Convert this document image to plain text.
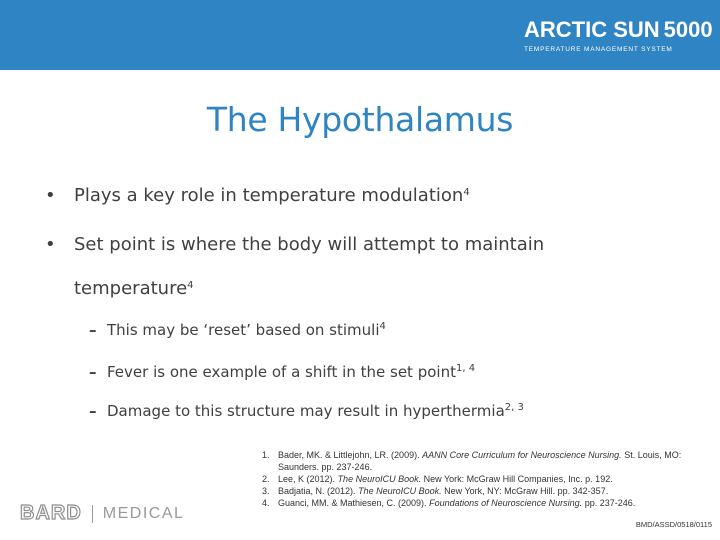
ARCTIC SUN 5000
TEMPERATURE MANAGEMENT SYSTEM
The Hypothalamus
• Plays a key role in temperature modulation$^4$
• Set point is where the body will attempt to maintain
temperature$^4$
– This may be ‘reset’ based on stimuli$^4$
– Fever is one example of a shift in the set point$^{1, 4}$
– Damage to this structure may result in hyperthermia$^{2, 3}$
1. Bader, MK. & Littlejohn, LR. (2009). AANN Core Curriculum for Neuroscience Nursing. St. Louis, MO: Saunders. pp. 237-246.
2. Lee, K (2012). The NeuroICU Book. New York: McGraw Hill Companies, Inc. p. 192.
3. Badjatia, N. (2012). The NeuroICU Book. New York, NY: McGraw Hill. pp. 342-357.
4. Guanci, MM. & Mathiesen, C. (2009). Foundations of Neuroscience Nursing. pp. 237-246.
BARD MEDICAL
BMD/ASSD/0518/0115
